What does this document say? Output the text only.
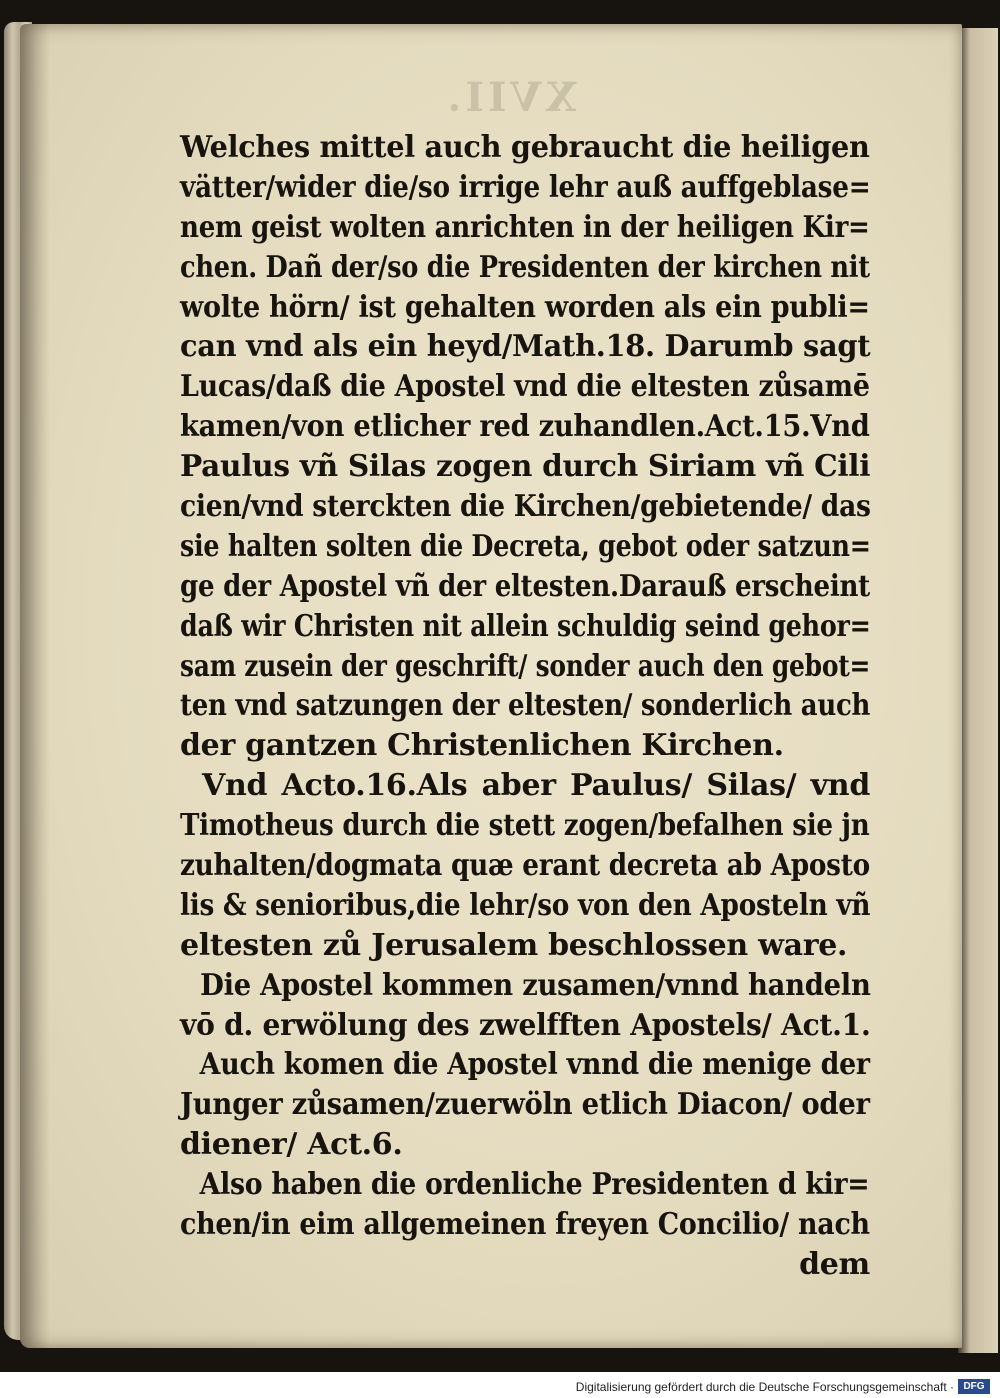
XVII.
Welches mittel auch gebraucht die heiligen
vätter/wider die/so irrige lehr auß auffgeblase=
nem geist wolten anrichten in der heiligen Kir=
chen. Dañ der/so die Presidenten der kirchen nit
wolte hörn/ ist gehalten worden als ein publi=
can vnd als ein heyd/Math.18. Darumb sagt
Lucas/daß die Apostel vnd die eltesten zůsamē
kamen/von etlicher red zuhandlen.Act.15.Vnd
Paulus vñ Silas zogen durch Siriam vñ Cili
cien/vnd sterckten die Kirchen/gebietende/ das
sie halten solten die Decreta, gebot oder satzun=
ge der Apostel vñ der eltesten.Darauß erscheint
daß wir Christen nit allein schuldig seind gehor=
sam zusein der geschrift/ sonder auch den gebot=
ten vnd satzungen der eltesten/ sonderlich auch
der gantzen Christenlichen Kirchen.
Vnd Acto.16.Als aber Paulus/ Silas/ vnd
Timotheus durch die stett zogen/befalhen sie jn
zuhalten/dogmata quæ erant decreta ab Aposto
lis & senioribus,die lehr/so von den Aposteln vñ
eltesten zů Jerusalem beschlossen ware.
Die Apostel kommen zusamen/vnnd handeln
vō d. erwölung des zwelfften Apostels/ Act.1.
Auch komen die Apostel vnnd die menige der
Junger zůsamen/zuerwöln etlich Diacon/ oder
diener/ Act.6.
Also haben die ordenliche Presidenten d kir=
chen/in eim allgemeinen freyen Concilio/ nach
dem
Digitalisierung gefördert durch die Deutsche Forschungsgemeinschaft · DFG
